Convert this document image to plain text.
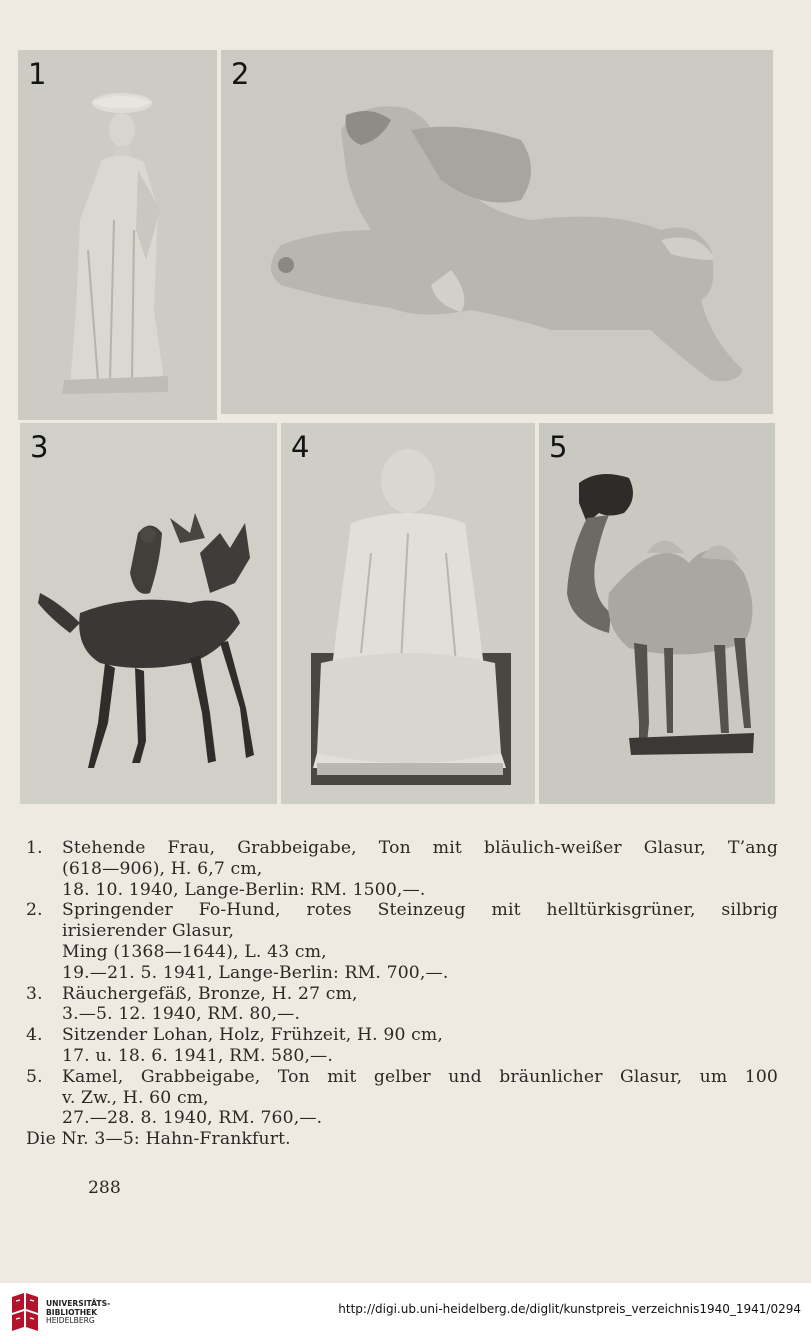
1	2
3	4	5
1.	Stehende Frau, Grabbeigabe, Ton mit bläulich-weißer Glasur, T’ang
(618—906), H. 6,7 cm,
18. 10. 1940, Lange-Berlin: RM. 1500,—.
2.	Springender Fo-Hund, rotes Steinzeug mit helltürkisgrüner, silbrig
irisierender Glasur,
Ming (1368—1644), L. 43 cm,
19.—21. 5. 1941, Lange-Berlin: RM. 700,—.
3.	Räuchergefäß, Bronze, H. 27 cm,
3.—5. 12. 1940, RM. 80,—.
4.	Sitzender Lohan, Holz, Frühzeit, H. 90 cm,
17. u. 18. 6. 1941, RM. 580,—.
5.	Kamel, Grabbeigabe, Ton mit gelber und bräunlicher Glasur, um 100
v. Zw., H. 60 cm,
27.—28. 8. 1940, RM. 760,—.
Die Nr. 3—5: Hahn-Frankfurt.
288
UNIVERSITÄTS-
BIBLIOTHEK
HEIDELBERG
http://digi.ub.uni-heidelberg.de/diglit/kunstpreis_verzeichnis1940_1941/0294
